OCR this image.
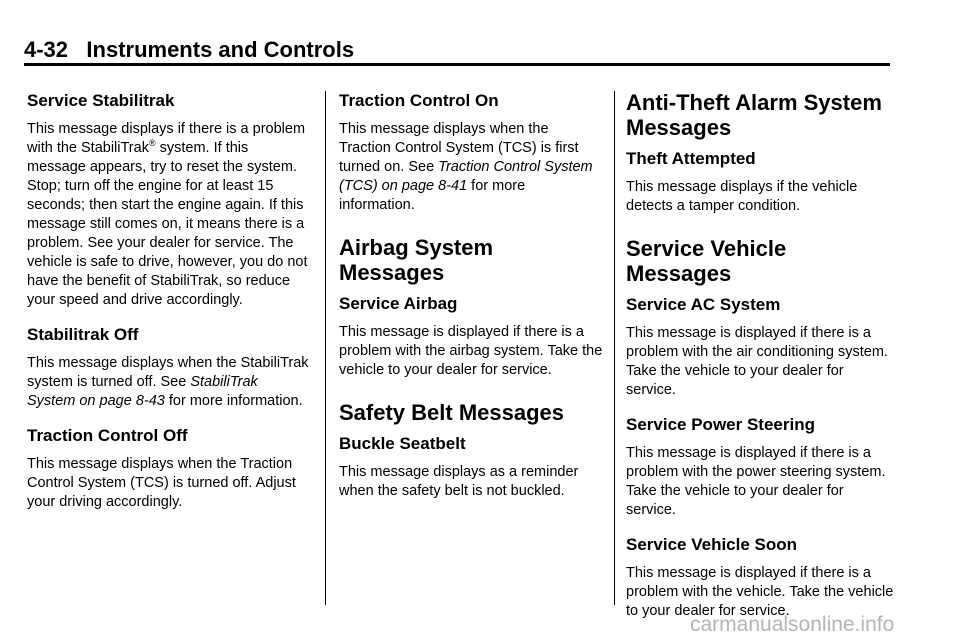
4-32 Instruments and Controls
Service Stabilitrak

This message displays if there is a problem with the StabiliTrak® system. If this message appears, try to reset the system. Stop; turn off the engine for at least 15 seconds; then start the engine again. If this message still comes on, it means there is a problem. See your dealer for service. The vehicle is safe to drive, however, you do not have the benefit of StabiliTrak, so reduce your speed and drive accordingly.

Stabilitrak Off

This message displays when the StabiliTrak system is turned off. See StabiliTrak System on page 8‑43 for more information.

Traction Control Off

This message displays when the Traction Control System (TCS) is turned off. Adjust your driving accordingly.

Traction Control On

This message displays when the Traction Control System (TCS) is first turned on. See Traction Control System (TCS) on page 8‑41 for more information.

Airbag System Messages
Service Airbag

This message is displayed if there is a problem with the airbag system. Take the vehicle to your dealer for service.

Safety Belt Messages
Buckle Seatbelt

This message displays as a reminder when the safety belt is not buckled.

Anti-Theft Alarm System Messages
Theft Attempted

This message displays if the vehicle detects a tamper condition.

Service Vehicle Messages
Service AC System

This message is displayed if there is a problem with the air conditioning system. Take the vehicle to your dealer for service.

Service Power Steering

This message is displayed if there is a problem with the power steering system. Take the vehicle to your dealer for service.

Service Vehicle Soon

This message is displayed if there is a problem with the vehicle. Take the vehicle to your dealer for service.

carmanualsonline.info
